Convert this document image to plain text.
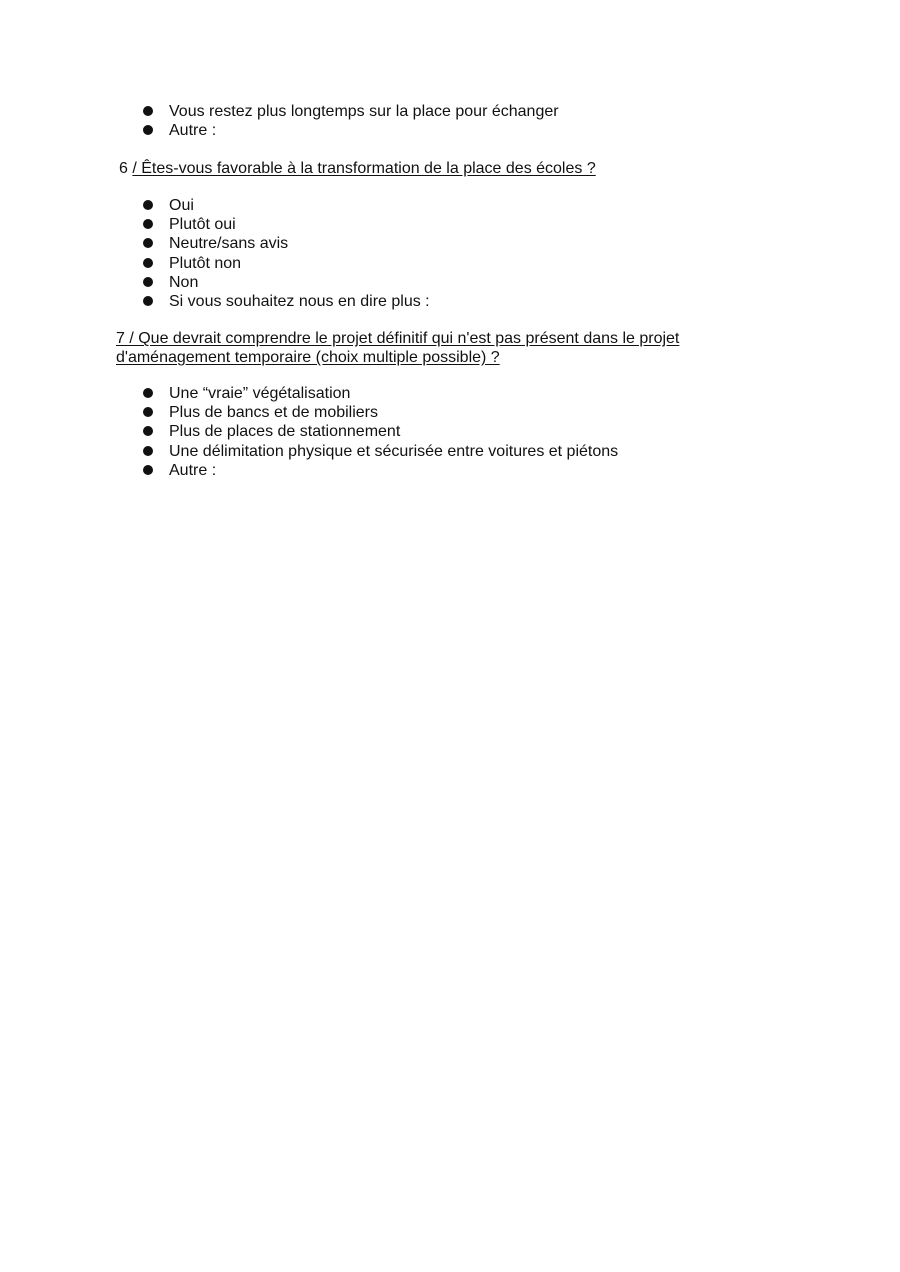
Vous restez plus longtemps sur la place pour échanger
Autre :

6 / Êtes-vous favorable à la transformation de la place des écoles ?

Oui
Plutôt oui
Neutre/sans avis
Plutôt non
Non
Si vous souhaitez nous en dire plus :
7 / Que devrait comprendre le projet définitif qui n'est pas présent dans le projet
d'aménagement temporaire (choix multiple possible) ?
Une “vraie” végétalisation
Plus de bancs et de mobiliers
Plus de places de stationnement
Une délimitation physique et sécurisée entre voitures et piétons
Autre :
